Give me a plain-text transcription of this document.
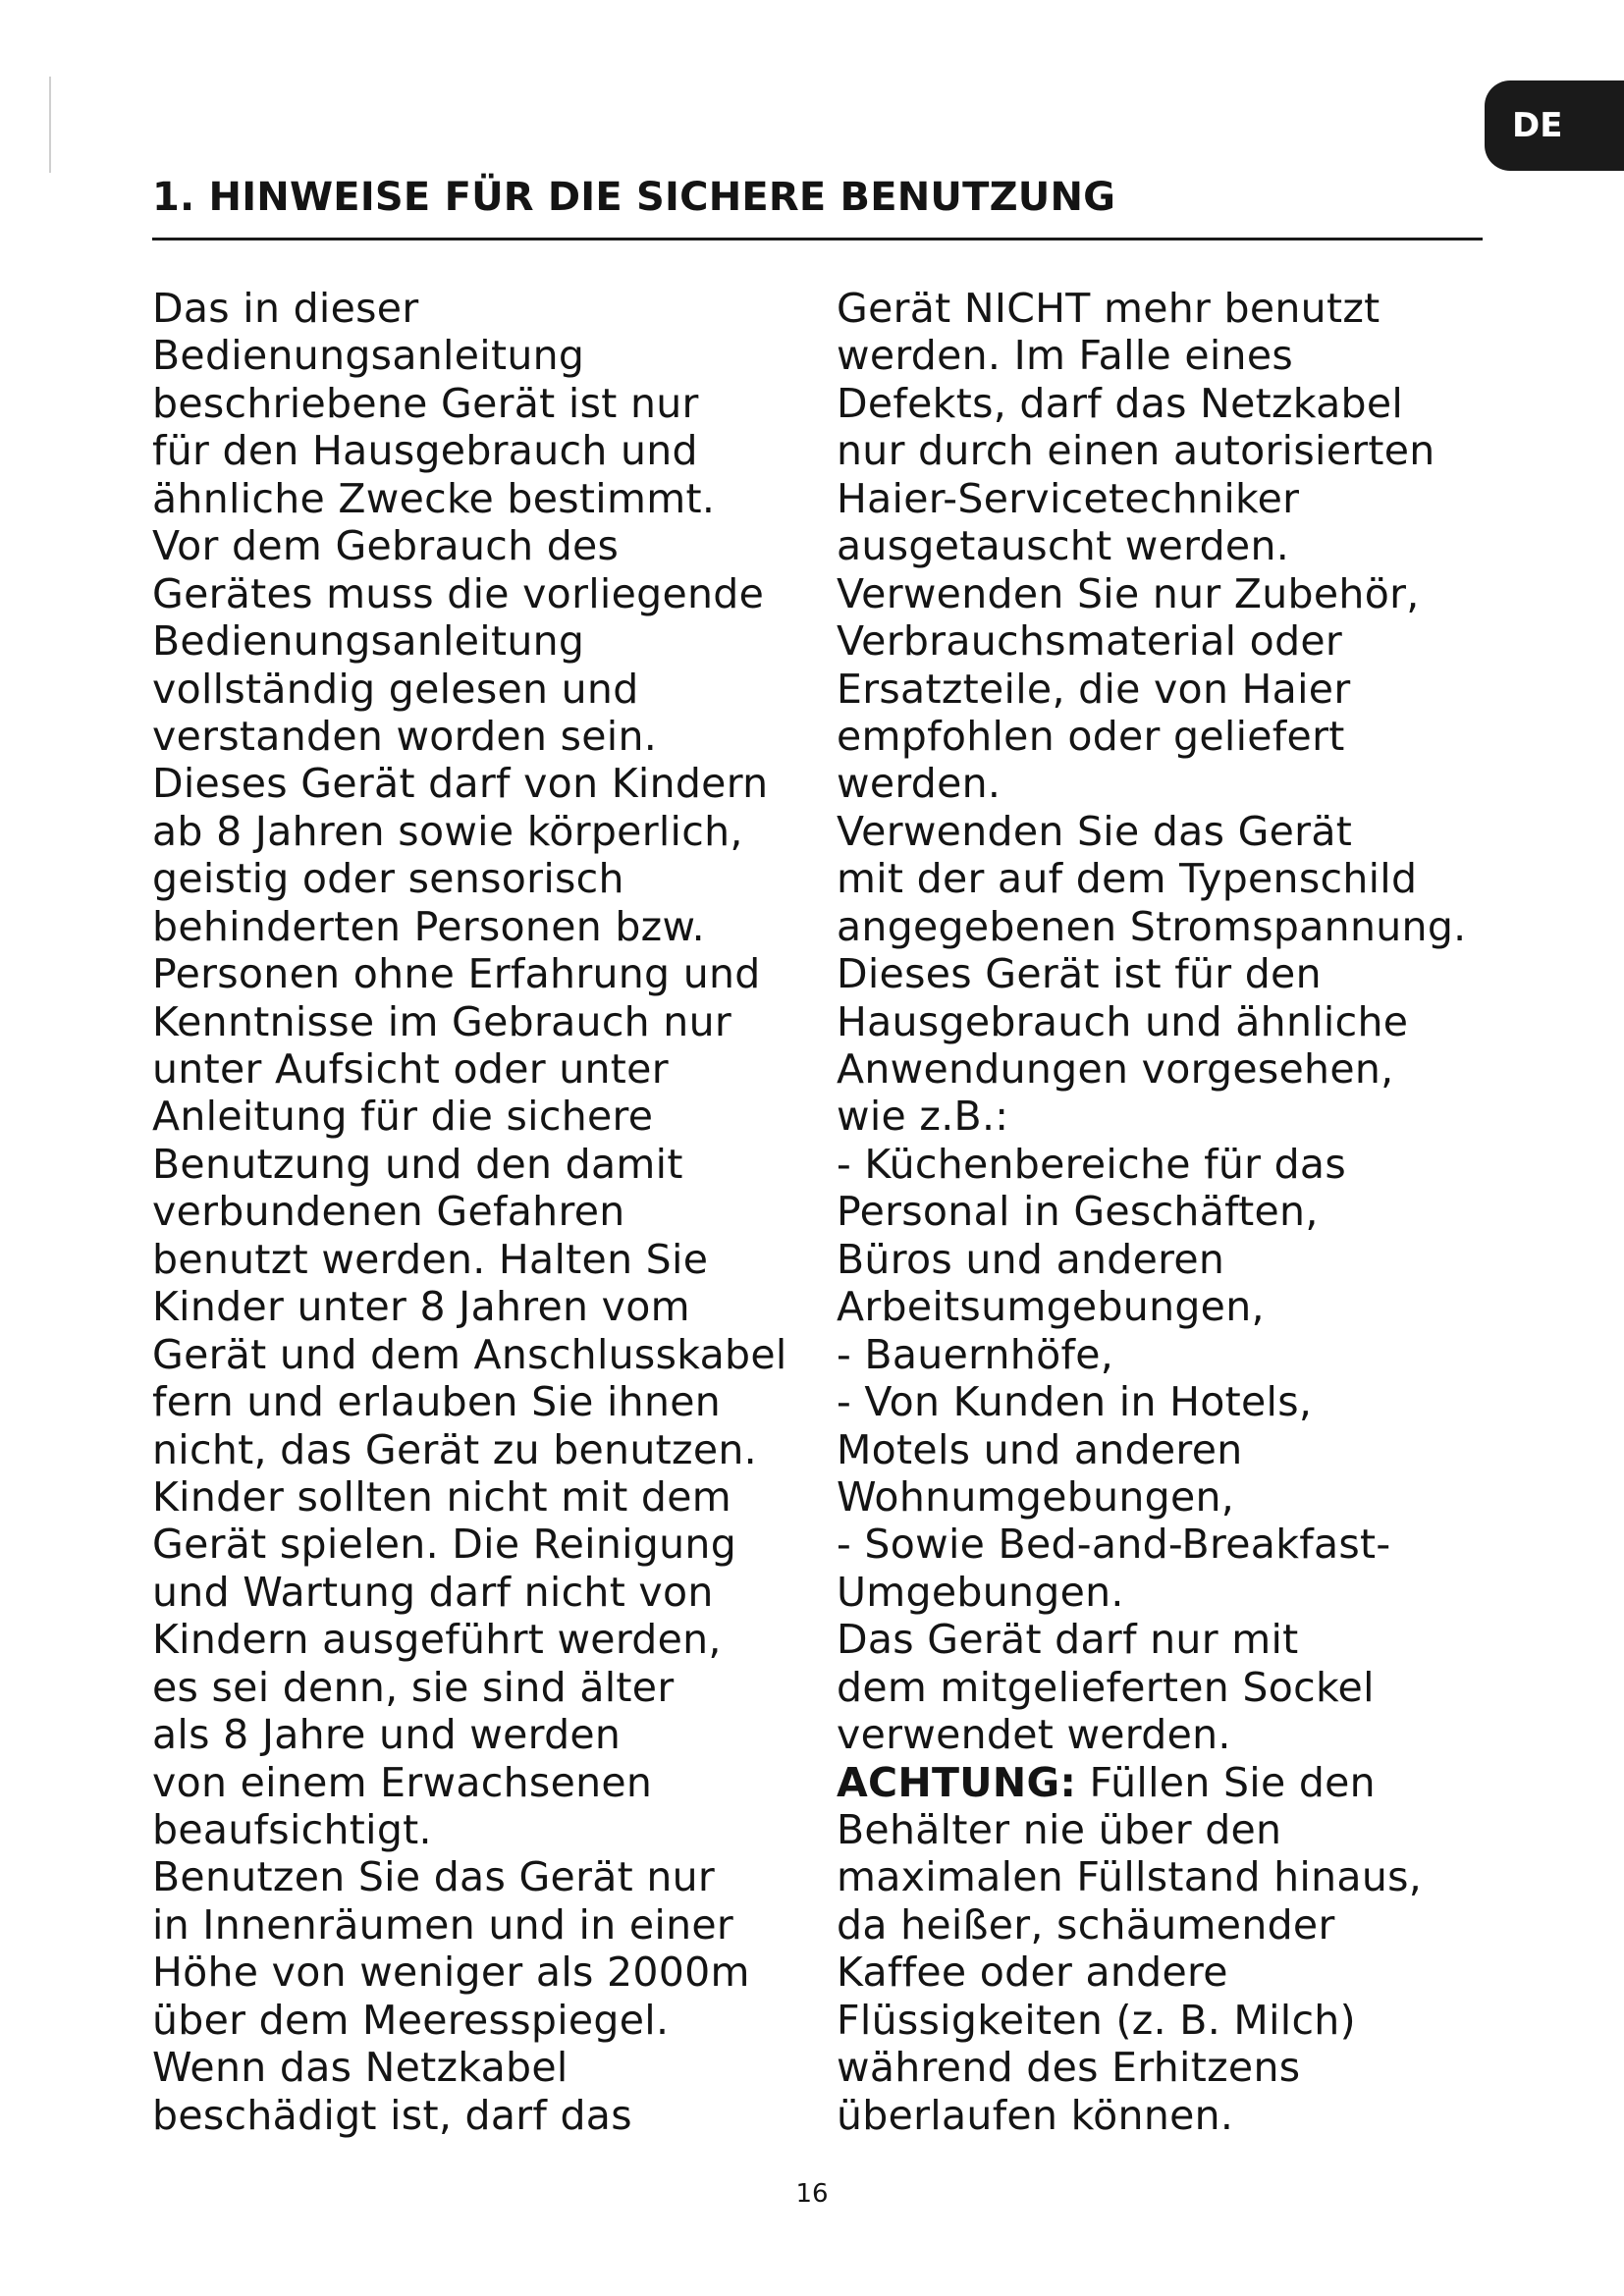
DE
1. HINWEISE FÜR DIE SICHERE BENUTZUNG
Das in dieser
Bedienungsanleitung
beschriebene Gerät ist nur
für den Hausgebrauch und
ähnliche Zwecke bestimmt.
Vor dem Gebrauch des
Gerätes muss die vorliegende
Bedienungsanleitung
vollständig gelesen und
verstanden worden sein.
Dieses Gerät darf von Kindern
ab 8 Jahren sowie körperlich,
geistig oder sensorisch
behinderten Personen bzw.
Personen ohne Erfahrung und
Kenntnisse im Gebrauch nur
unter Aufsicht oder unter
Anleitung für die sichere
Benutzung und den damit
verbundenen Gefahren
benutzt werden. Halten Sie
Kinder unter 8 Jahren vom
Gerät und dem Anschlusskabel
fern und erlauben Sie ihnen
nicht, das Gerät zu benutzen.
Kinder sollten nicht mit dem
Gerät spielen. Die Reinigung
und Wartung darf nicht von
Kindern ausgeführt werden,
es sei denn, sie sind älter
als 8 Jahre und werden
von einem Erwachsenen
beaufsichtigt.
Benutzen Sie das Gerät nur
in Innenräumen und in einer
Höhe von weniger als 2000m
über dem Meeresspiegel.
Wenn das Netzkabel
beschädigt ist, darf das
Gerät NICHT mehr benutzt
werden. Im Falle eines
Defekts, darf das Netzkabel
nur durch einen autorisierten
Haier-Servicetechniker
ausgetauscht werden.
Verwenden Sie nur Zubehör,
Verbrauchsmaterial oder
Ersatzteile, die von Haier
empfohlen oder geliefert
werden.
Verwenden Sie das Gerät
mit der auf dem Typenschild
angegebenen Stromspannung.
Dieses Gerät ist für den
Hausgebrauch und ähnliche
Anwendungen vorgesehen,
wie z.B.:
- Küchenbereiche für das
Personal in Geschäften,
Büros und anderen
Arbeitsumgebungen,
- Bauernhöfe,
- Von Kunden in Hotels,
Motels und anderen
Wohnumgebungen,
- Sowie Bed-and-Breakfast-
Umgebungen.
Das Gerät darf nur mit
dem mitgelieferten Sockel
verwendet werden.
ACHTUNG: Füllen Sie den
Behälter nie über den
maximalen Füllstand hinaus,
da heißer, schäumender
Kaffee oder andere
Flüssigkeiten (z. B. Milch)
während des Erhitzens
überlaufen können.
16
